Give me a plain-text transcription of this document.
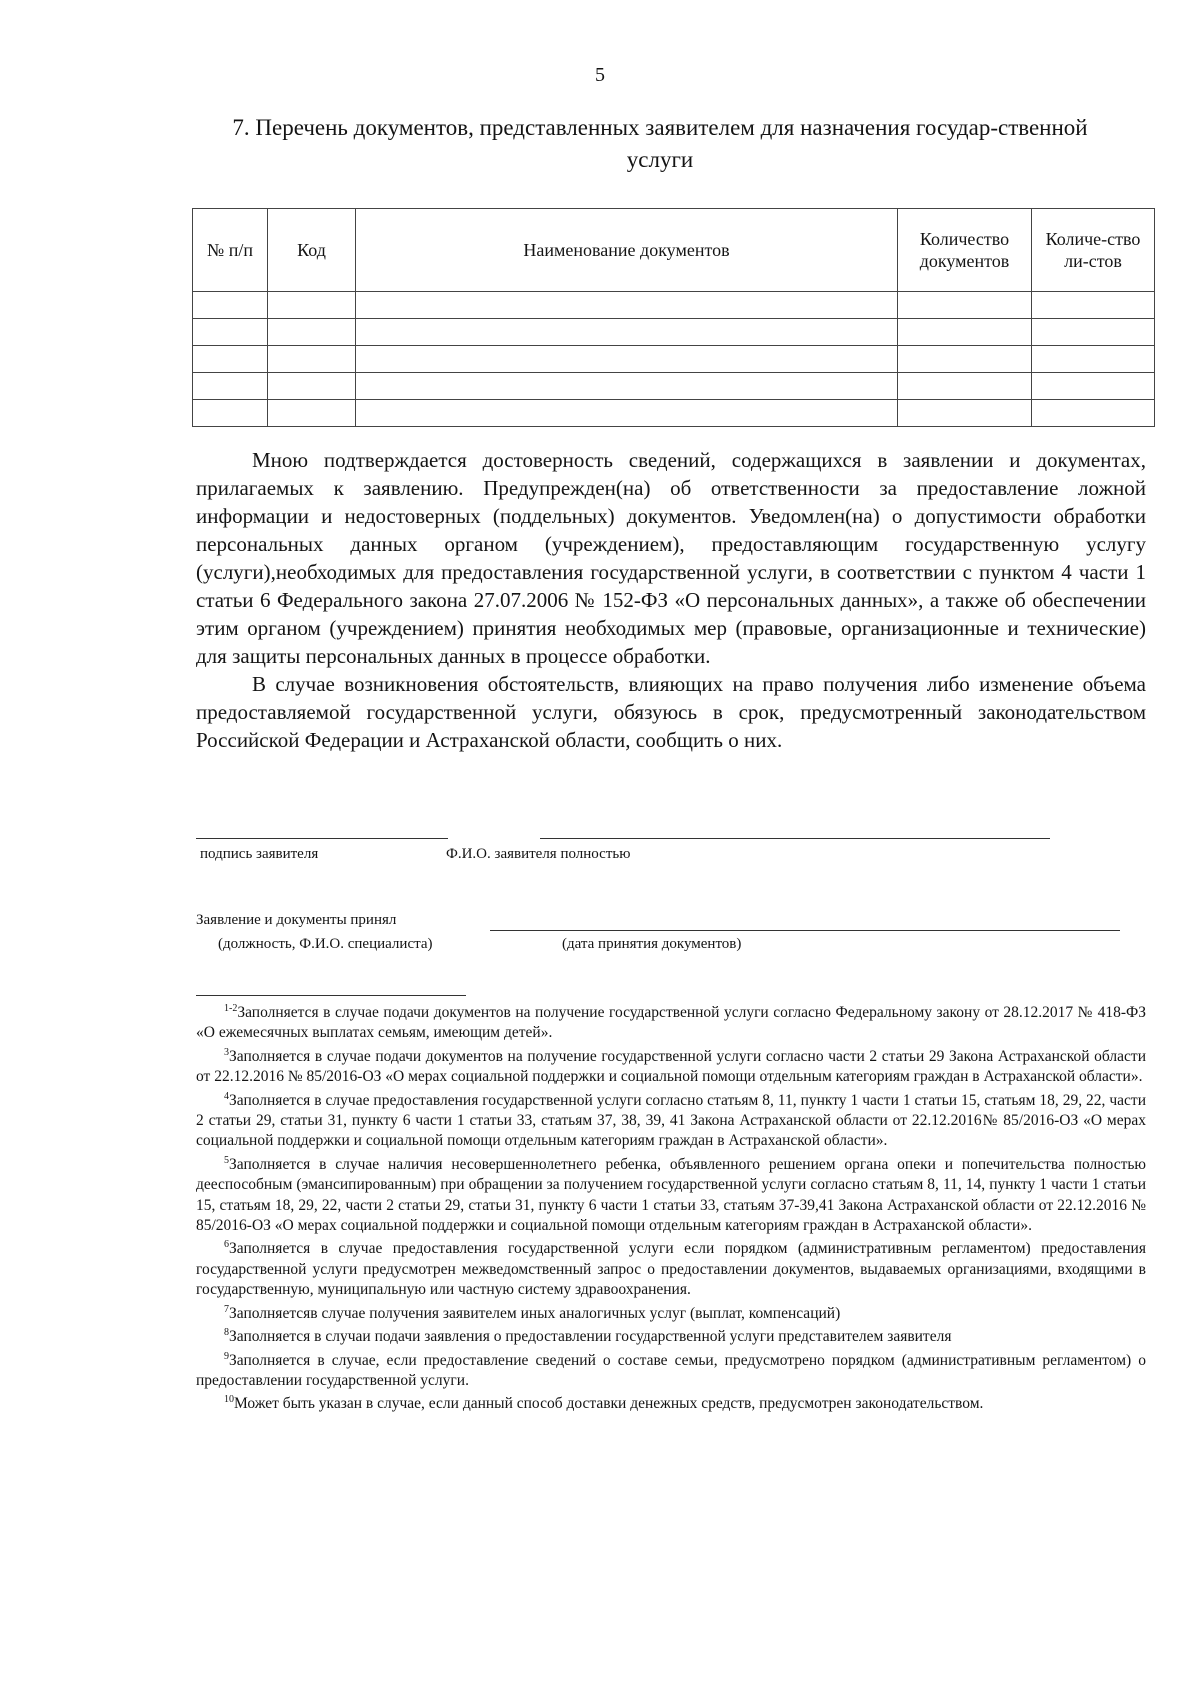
5
7. Перечень документов, представленных заявителем для назначения государ-ственной услуги
№ п/п	Код	Наименование документов	Количество документов	Количе-ство ли-стов

Мною подтверждается достоверность сведений, содержащихся в заявлении и документах, прилагаемых к заявлению. Предупрежден(на) об ответственности за предоставление ложной информации и недостоверных (поддельных) документов. Уведомлен(на) о допустимости обработки персональных данных органом (учреждением), предоставляющим государственную услугу (услуги),необходимых для предоставления государственной услуги, в соответствии с пунктом 4 части 1 статьи 6 Федерального закона 27.07.2006 № 152-ФЗ «О персональных данных», а также об обеспечении этим органом (учреждением) принятия необходимых мер (правовые, организационные и технические) для защиты персональных данных в процессе обработки.

В случае возникновения обстоятельств, влияющих на право получения либо изменение объема предоставляемой государственной услуги, обязуюсь в срок, предусмотренный законодательством Российской Федерации и Астраханской области, сообщить о них.

подпись заявителя	Ф.И.О. заявителя полностью
Заявление и документы принял
(должность, Ф.И.О. специалиста)	(дата принятия документов)

$^{1-2}$Заполняется в случае подачи документов на получение государственной услуги согласно Федеральному закону от 28.12.2017 № 418-ФЗ «О ежемесячных выплатах семьям, имеющим детей».

$^3$Заполняется в случае подачи документов на получение государственной услуги согласно части 2 статьи 29 Закона Астраханской области от 22.12.2016 № 85/2016-ОЗ «О мерах социальной поддержки и социальной помощи отдельным категориям граждан в Астраханской области».

$^4$Заполняется в случае предоставления государственной услуги согласно статьям 8, 11, пункту 1 части 1 статьи 15, статьям 18, 29, 22, части 2 статьи 29, статьи 31, пункту 6 части 1 статьи 33, статьям 37, 38, 39, 41 Закона Астраханской области от 22.12.2016№ 85/2016-ОЗ «О мерах социальной поддержки и социальной помощи отдельным категориям граждан в Астраханской области».

$^5$Заполняется в случае наличия несовершеннолетнего ребенка, объявленного решением органа опеки и попечительства полностью дееспособным (эмансипированным) при обращении за получением государственной услуги согласно статьям 8, 11, 14, пункту 1 части 1 статьи 15, статьям 18, 29, 22, части 2 статьи 29, статьи 31, пункту 6 части 1 статьи 33, статьям 37-39,41 Закона Астраханской области от 22.12.2016 № 85/2016-ОЗ «О мерах социальной поддержки и социальной помощи отдельным категориям граждан в Астраханской области».

$^6$Заполняется в случае предоставления государственной услуги если порядком (административным регламентом) предоставления государственной услуги предусмотрен межведомственный запрос о предоставлении документов, выдаваемых организациями, входящими в государственную, муниципальную или частную систему здравоохранения.

$^7$Заполняетсяв случае получения заявителем иных аналогичных услуг (выплат, компенсаций)

$^8$Заполняется в случаи подачи заявления о предоставлении государственной услуги представителем заявителя

$^9$Заполняется в случае, если предоставление сведений о составе семьи, предусмотрено порядком (административным регламентом) о предоставлении государственной услуги.

$^{10}$Может быть указан в случае, если данный способ доставки денежных средств, предусмотрен законодательством.
